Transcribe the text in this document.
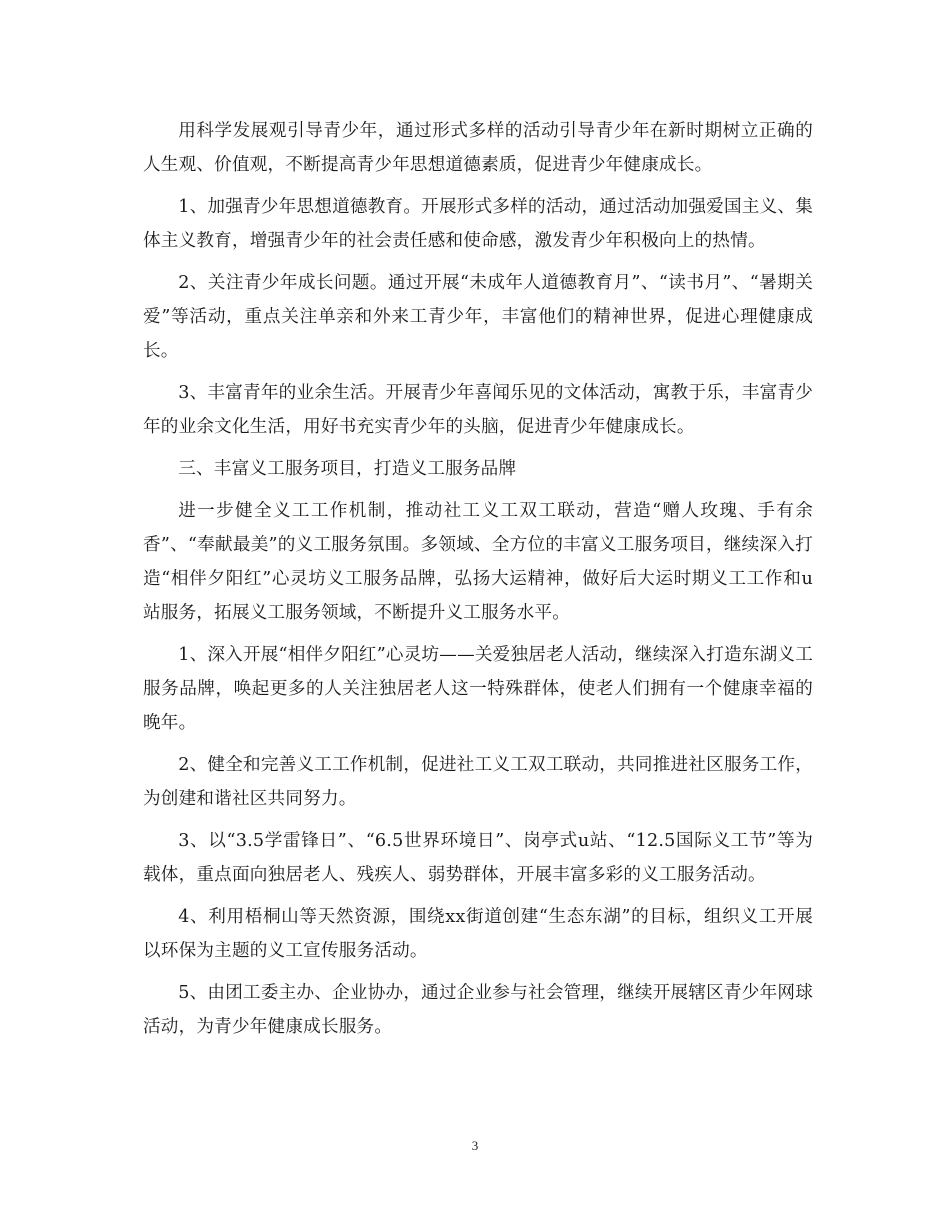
用科学发展观引导青少年，通过形式多样的活动引导青少年在新时期树立正确的人生观、价值观，不断提高青少年思想道德素质，促进青少年健康成长。

1、加强青少年思想道德教育。开展形式多样的活动，通过活动加强爱国主义、集体主义教育，增强青少年的社会责任感和使命感，激发青少年积极向上的热情。

2、关注青少年成长问题。通过开展“未成年人道德教育月”、“读书月”、“暑期关爱”等活动，重点关注单亲和外来工青少年，丰富他们的精神世界，促进心理健康成长。

3、丰富青年的业余生活。开展青少年喜闻乐见的文体活动，寓教于乐，丰富青少年的业余文化生活，用好书充实青少年的头脑，促进青少年健康成长。

三、丰富义工服务项目，打造义工服务品牌

进一步健全义工工作机制，推动社工义工双工联动，营造“赠人玫瑰、手有余香”、“奉献最美”的义工服务氛围。多领域、全方位的丰富义工服务项目，继续深入打造“相伴夕阳红”心灵坊义工服务品牌，弘扬大运精神，做好后大运时期义工工作和u站服务，拓展义工服务领域，不断提升义工服务水平。

1、深入开展“相伴夕阳红”心灵坊——关爱独居老人活动，继续深入打造东湖义工服务品牌，唤起更多的人关注独居老人这一特殊群体，使老人们拥有一个健康幸福的晚年。

2、健全和完善义工工作机制，促进社工义工双工联动，共同推进社区服务工作，为创建和谐社区共同努力。

3、以“3.5学雷锋日”、“6.5世界环境日”、岗亭式u站、“12.5国际义工节”等为载体，重点面向独居老人、残疾人、弱势群体，开展丰富多彩的义工服务活动。

4、利用梧桐山等天然资源，围绕xx街道创建“生态东湖”的目标，组织义工开展以环保为主题的义工宣传服务活动。

5、由团工委主办、企业协办，通过企业参与社会管理，继续开展辖区青少年网球活动，为青少年健康成长服务。

3
